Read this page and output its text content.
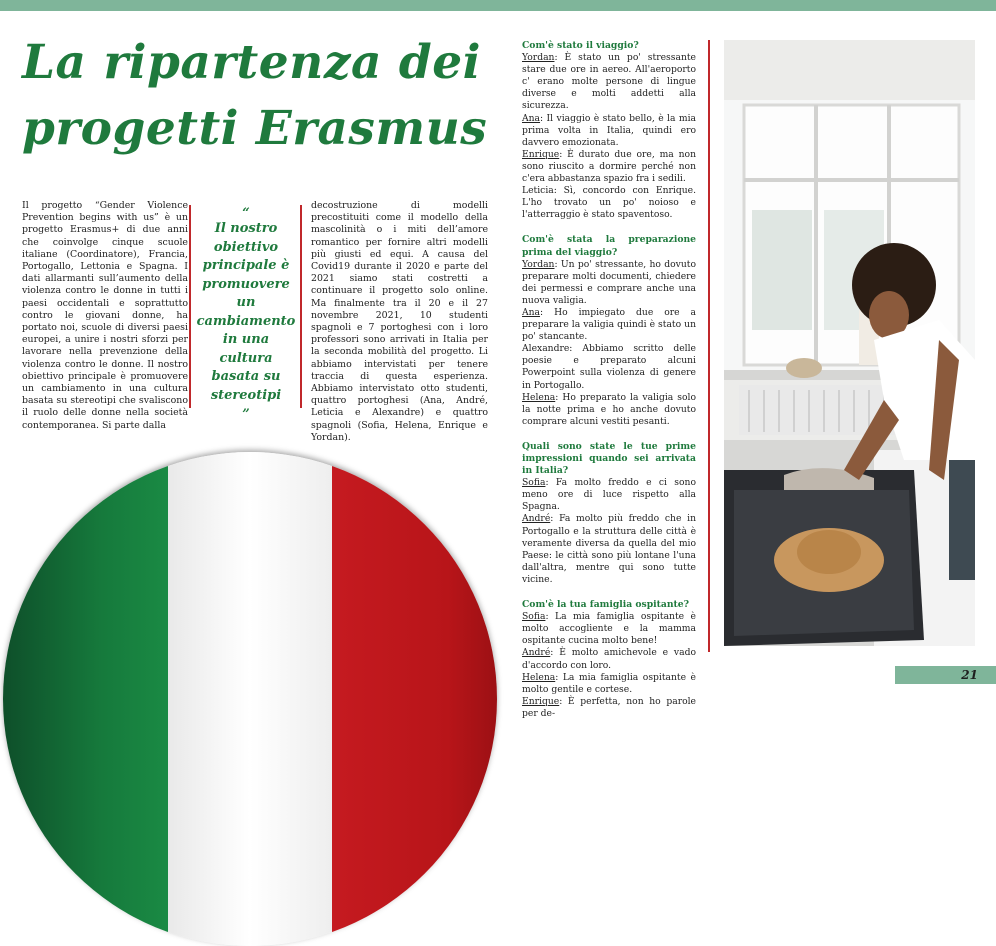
La ripartenza dei progetti Erasmus
Il progetto “Gender Violence Prevention begins with us” è un progetto Erasmus+ di due anni che coinvolge cinque scuole italiane (Coordinatore), Francia, Portogallo, Lettonia e Spagna. I dati allarmanti sull’aumento della violenza contro le donne in tutti i paesi occidentali e soprattutto contro le giovani donne, ha portato noi, scuole di diversi paesi europei, a unire i nostri sforzi per lavorare nella prevenzione della violenza contro le donne. Il nostro obiettivo principale è promuovere un cambiamento in una cultura basata su stereotipi che svaliscono il ruolo delle donne nella società contemporanea. Si parte dalla
“
Il nostro obiettivo principale è promuovere un cambiamento in una cultura basata su stereotipi
”
decostruzione di modelli precostituiti come il modello della mascolinità o i miti dell’amore romantico per fornire altri modelli più giusti ed equi. A causa del Covid19 durante il 2020 e parte del 2021 siamo stati costretti a continuare il progetto solo online. Ma finalmente tra il 20 e il 27 novembre 2021, 10 studenti spagnoli e 7 portoghesi con i loro professori sono arrivati in Italia per la seconda mobilità del progetto. Li abbiamo intervistati per tenere traccia di questa esperienza. Abbiamo intervistato otto studenti, quattro portoghesi (Ana, André, Leticia e Alexandre) e quattro spagnoli (Sofia, Helena, Enrique e Yordan).

Com'è stato il viaggio?

Yordan: È stato un po' stressante stare due ore in aereo. All'aeroporto c' erano molte persone di lingue diverse e molti addetti alla sicurezza.

Ana: Il viaggio è stato bello, è la mia prima volta in Italia, quindi ero davvero emozionata.

Enrique: È durato due ore, ma non sono riuscito a dormire perché non c'era abbastanza spazio fra i sedili.

Leticia: Sì, concordo con Enrique. L'ho trovato un po' noioso e l'atterraggio è stato spaventoso.

Com'è stata la preparazione prima del viaggio?

Yordan: Un po' stressante, ho dovuto preparare molti documenti, chiedere dei permessi e comprare anche una nuova valigia.

Ana: Ho impiegato due ore a preparare la valigia quindi è stato un po' stancante.

Alexandre: Abbiamo scritto delle poesie e preparato alcuni Powerpoint sulla violenza di genere in Portogallo.

Helena: Ho preparato la valigia solo la notte prima e ho anche dovuto comprare alcuni vestiti pesanti.

Quali sono state le tue prime impressioni quando sei arrivata in Italia?

Sofia: Fa molto freddo e ci sono meno ore di luce rispetto alla Spagna.

André: Fa molto più freddo che in Portogallo e la struttura delle città è veramente diversa da quella del mio Paese: le città sono più lontane l'una dall'altra, mentre qui sono tutte vicine.

Com'è la tua famiglia ospitante?

Sofia: La mia famiglia ospitante è molto accogliente e la mamma ospitante cucina molto bene!

André: È molto amichevole e vado d'accordo con loro.

Helena: La mia famiglia ospitante è molto gentile e cortese.

Enrique: È perfetta, non ho parole per de-

21
